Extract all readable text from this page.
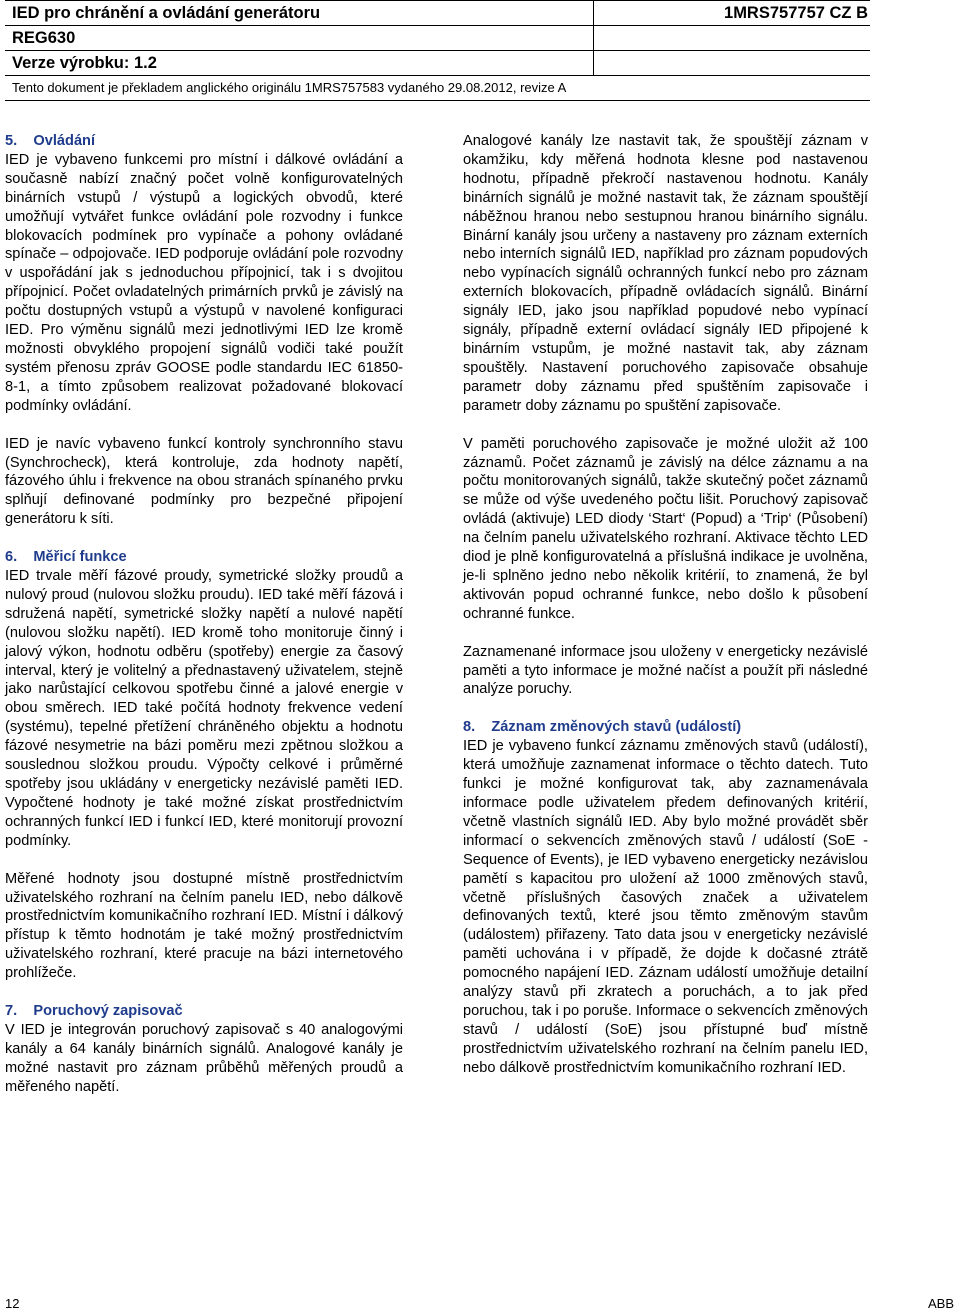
IED pro chránění a ovládání generátoru	1MRS757757 CZ B
REG630
Verze výrobku: 1.2
Tento dokument je překladem anglického originálu 1MRS757583 vydaného 29.08.2012, revize A

5. Ovládání

IED je vybaveno funkcemi pro místní i dálkové ovládání a současně nabízí značný počet volně konfigurovatelných binárních vstupů / výstupů a logických obvodů, které umožňují vytvářet funkce ovládání pole rozvodny i funkce blokovacích podmínek pro vypínače a pohony ovládané spínače – odpojovače. IED podporuje ovládání pole rozvodny v uspořádání jak s jednoduchou přípojnicí, tak i s dvojitou přípojnicí. Počet ovladatelných primárních prvků je závislý na počtu dostupných vstupů a výstupů v navolené konfiguraci IED. Pro výměnu signálů mezi jednotlivými IED lze kromě možnosti obvyklého propojení signálů vodiči také použít systém přenosu zpráv GOOSE podle standardu IEC 61850-8-1, a tímto způsobem realizovat požadované blokovací podmínky ovládání.

IED je navíc vybaveno funkcí kontroly synchronního stavu (Synchrocheck), která kontroluje, zda hodnoty napětí, fázového úhlu i frekvence na obou stranách spínaného prvku splňují definované podmínky pro bezpečné připojení generátoru k síti.

6. Měřicí funkce

IED trvale měří fázové proudy, symetrické složky proudů a nulový proud (nulovou složku proudu). IED také měří fázová i sdružená napětí, symetrické složky napětí a nulové napětí (nulovou složku napětí). IED kromě toho monitoruje činný i jalový výkon, hodnotu odběru (spotřeby) energie za časový interval, který je volitelný a přednastavený uživatelem, stejně jako narůstající celkovou spotřebu činné a jalové energie v obou směrech. IED také počítá hodnoty frekvence vedení (systému), tepelné přetížení chráněného objektu a hodnotu fázové nesymetrie na bázi poměru mezi zpětnou složkou a souslednou složkou proudu. Výpočty celkové i průměrné spotřeby jsou ukládány v energeticky nezávislé paměti IED. Vypočtené hodnoty je také možné získat prostřednictvím ochranných funkcí IED i funkcí IED, které monitorují provozní podmínky.

Měřené hodnoty jsou dostupné místně prostřednictvím uživatelského rozhraní na čelním panelu IED, nebo dálkově prostřednictvím komunikačního rozhraní IED. Místní i dálkový přístup k těmto hodnotám je také možný prostřednictvím uživatelského rozhraní, které pracuje na bázi internetového prohlížeče.

7. Poruchový zapisovač

V IED je integrován poruchový zapisovač s 40 analogovými kanály a 64 kanály binárních signálů. Analogové kanály je možné nastavit pro záznam průběhů měřených proudů a měřeného napětí.

Analogové kanály lze nastavit tak, že spouštějí záznam v okamžiku, kdy měřená hodnota klesne pod nastavenou hodnotu, případně překročí nastavenou hodnotu. Kanály binárních signálů je možné nastavit tak, že záznam spouštějí náběžnou hranou nebo sestupnou hranou binárního signálu. Binární kanály jsou určeny a nastaveny pro záznam externích nebo interních signálů IED, například pro záznam popudových nebo vypínacích signálů ochranných funkcí nebo pro záznam externích blokovacích, případně ovládacích signálů. Binární signály IED, jako jsou například popudové nebo vypínací signály, případně externí ovládací signály IED připojené k binárním vstupům, je možné nastavit tak, aby záznam spouštěly. Nastavení poruchového zapisovače obsahuje parametr doby záznamu před spuštěním zapisovače i parametr doby záznamu po spuštění zapisovače.

V paměti poruchového zapisovače je možné uložit až 100 záznamů. Počet záznamů je závislý na délce záznamu a na počtu monitorovaných signálů, takže skutečný počet záznamů se může od výše uvedeného počtu lišit. Poruchový zapisovač ovládá (aktivuje) LED diody ‘Start‘ (Popud) a ‘Trip‘ (Působení) na čelním panelu uživatelského rozhraní. Aktivace těchto LED diod je plně konfigurovatelná a příslušná indikace je uvolněna, je-li splněno jedno nebo několik kritérií, to znamená, že byl aktivován popud ochranné funkce, nebo došlo k působení ochranné funkce.

Zaznamenané informace jsou uloženy v energeticky nezávislé paměti a tyto informace je možné načíst a použít při následné analýze poruchy.

8. Záznam změnových stavů (událostí)

IED je vybaveno funkcí záznamu změnových stavů (událostí), která umožňuje zaznamenat informace o těchto datech. Tuto funkci je možné konfigurovat tak, aby zaznamenávala informace podle uživatelem předem definovaných kritérií, včetně vlastních signálů IED. Aby bylo možné provádět sběr informací o sekvencích změnových stavů / událostí (SoE - Sequence of Events), je IED vybaveno energeticky nezávislou pamětí s kapacitou pro uložení až 1000 změnových stavů, včetně příslušných časových značek a uživatelem definovaných textů, které jsou těmto změnovým stavům (událostem) přiřazeny. Tato data jsou v energeticky nezávislé paměti uchována i v případě, že dojde k dočasné ztrátě pomocného napájení IED. Záznam událostí umožňuje detailní analýzy stavů při zkratech a poruchách, a to jak před poruchou, tak i po poruše. Informace o sekvencích změnových stavů / událostí (SoE) jsou přístupné buď místně prostřednictvím uživatelského rozhraní na čelním panelu IED, nebo dálkově prostřednictvím komunikačního rozhraní IED.

12	ABB
